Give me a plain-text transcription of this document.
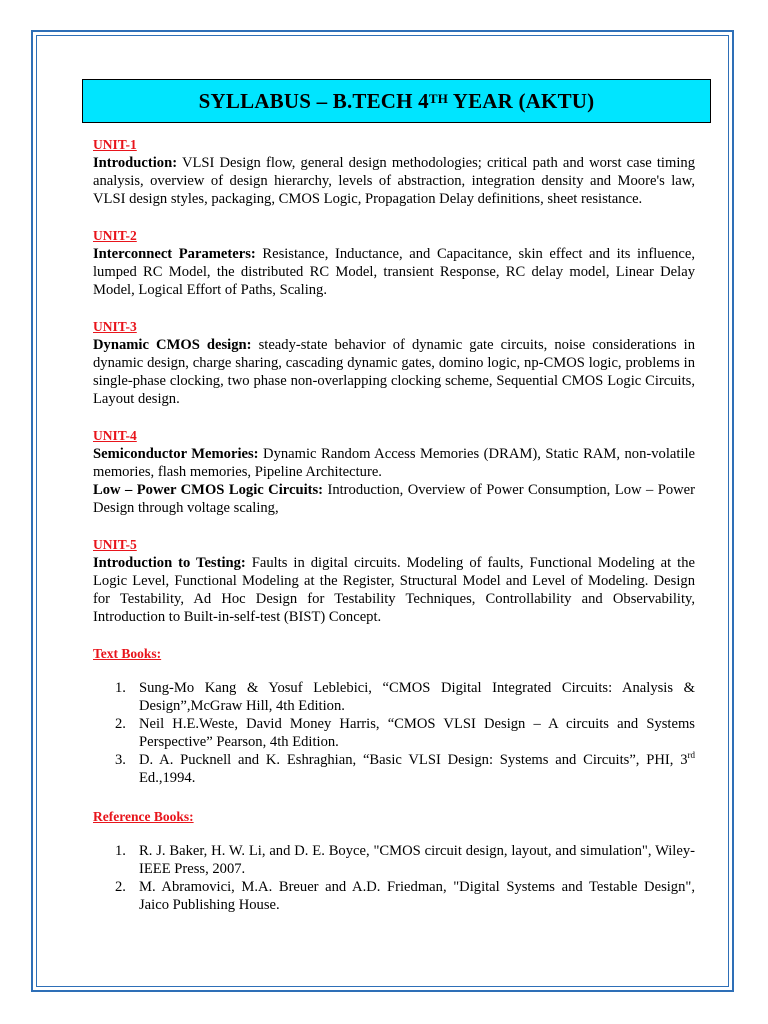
SYLLABUS – B.TECH 4TH YEAR (AKTU)
UNIT-1
Introduction: VLSI Design flow, general design methodologies; critical path and worst case timing analysis, overview of design hierarchy, levels of abstraction, integration density and Moore's law, VLSI design styles, packaging, CMOS Logic, Propagation Delay definitions, sheet resistance.
UNIT-2
Interconnect Parameters: Resistance, Inductance, and Capacitance, skin effect and its influence, lumped RC Model, the distributed RC Model, transient Response, RC delay model, Linear Delay Model, Logical Effort of Paths, Scaling.
UNIT-3
Dynamic CMOS design: steady-state behavior of dynamic gate circuits, noise considerations in dynamic design, charge sharing, cascading dynamic gates, domino logic, np-CMOS logic, problems in single-phase clocking, two phase non-overlapping clocking scheme, Sequential CMOS Logic Circuits, Layout design.
UNIT-4
Semiconductor Memories: Dynamic Random Access Memories (DRAM), Static RAM, non-volatile memories, flash memories, Pipeline Architecture.
Low – Power CMOS Logic Circuits: Introduction, Overview of Power Consumption, Low – Power Design through voltage scaling,
UNIT-5
Introduction to Testing: Faults in digital circuits. Modeling of faults, Functional Modeling at the Logic Level, Functional Modeling at the Register, Structural Model and Level of Modeling. Design for Testability, Ad Hoc Design for Testability Techniques, Controllability and Observability, Introduction to Built-in-self-test (BIST) Concept.
Text Books:
1. Sung-Mo Kang & Yosuf Leblebici, “CMOS Digital Integrated Circuits: Analysis & Design”,McGraw Hill, 4th Edition.
2. Neil H.E.Weste, David Money Harris, “CMOS VLSI Design – A circuits and Systems Perspective” Pearson, 4th Edition.
3. D. A. Pucknell and K. Eshraghian, “Basic VLSI Design: Systems and Circuits”, PHI, 3rd Ed.,1994.
Reference Books:
1. R. J. Baker, H. W. Li, and D. E. Boyce, "CMOS circuit design, layout, and simulation", Wiley-IEEE Press, 2007.
2. M. Abramovici, M.A. Breuer and A.D. Friedman, "Digital Systems and Testable Design", Jaico Publishing House.
